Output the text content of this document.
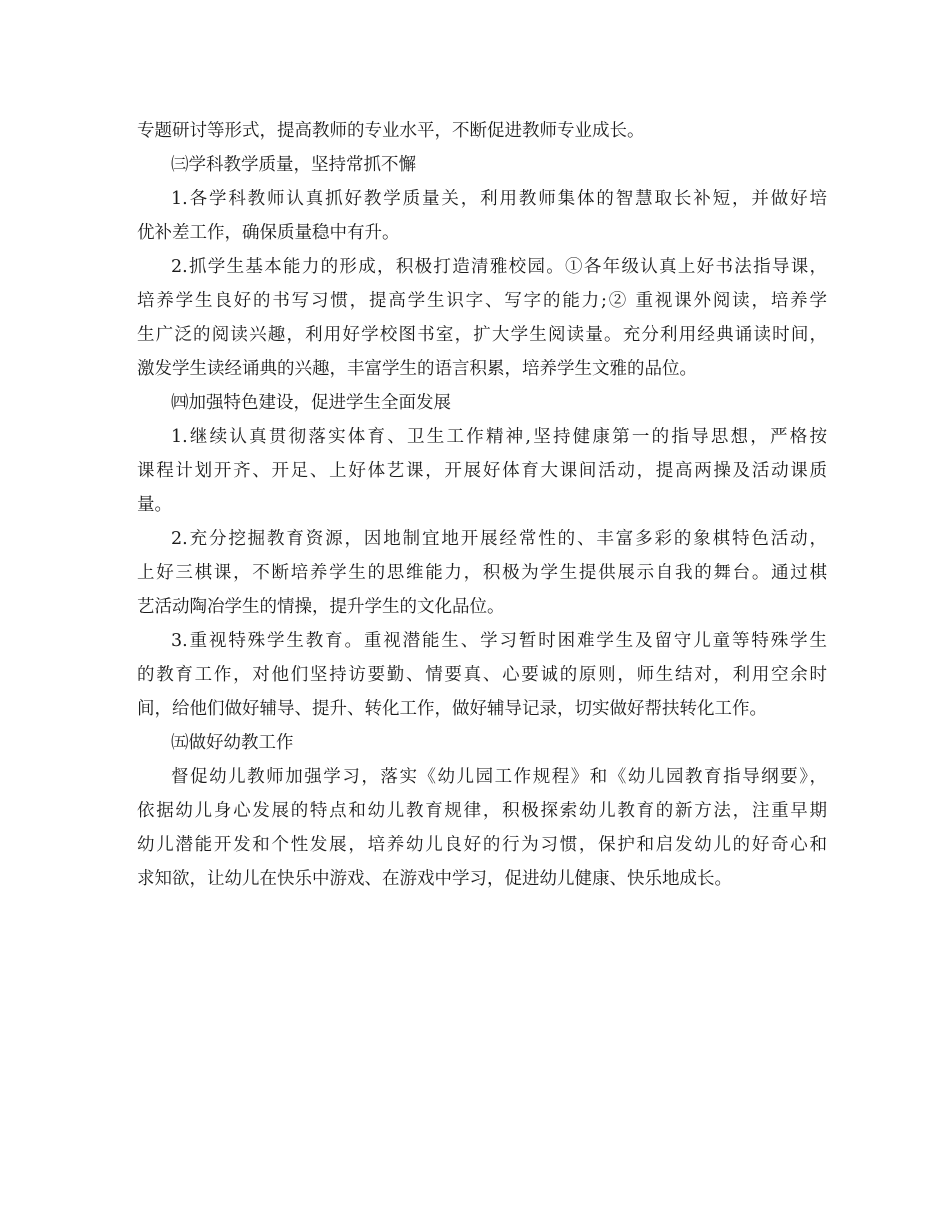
专题研讨等形式，提高教师的专业水平，不断促进教师专业成长。
㈢学科教学质量，坚持常抓不懈
1.各学科教师认真抓好教学质量关，利用教师集体的智慧取长补短，并做好培
优补差工作，确保质量稳中有升。
2.抓学生基本能力的形成，积极打造清雅校园。①各年级认真上好书法指导课，
培养学生良好的书写习惯，提高学生识字、写字的能力;② 重视课外阅读，培养学
生广泛的阅读兴趣，利用好学校图书室，扩大学生阅读量。充分利用经典诵读时间，
激发学生读经诵典的兴趣，丰富学生的语言积累，培养学生文雅的品位。
㈣加强特色建设，促进学生全面发展
1.继续认真贯彻落实体育、卫生工作精神,坚持健康第一的指导思想，严格按
课程计划开齐、开足、上好体艺课，开展好体育大课间活动，提高两操及活动课质
量。
2.充分挖掘教育资源，因地制宜地开展经常性的、丰富多彩的象棋特色活动，
上好三棋课，不断培养学生的思维能力，积极为学生提供展示自我的舞台。通过棋
艺活动陶冶学生的情操，提升学生的文化品位。
3.重视特殊学生教育。重视潜能生、学习暂时困难学生及留守儿童等特殊学生
的教育工作，对他们坚持访要勤、情要真、心要诚的原则，师生结对，利用空余时
间，给他们做好辅导、提升、转化工作，做好辅导记录，切实做好帮扶转化工作。
㈤做好幼教工作
督促幼儿教师加强学习，落实《幼儿园工作规程》和《幼儿园教育指导纲要》，
依据幼儿身心发展的特点和幼儿教育规律，积极探索幼儿教育的新方法，注重早期
幼儿潜能开发和个性发展，培养幼儿良好的行为习惯，保护和启发幼儿的好奇心和
求知欲，让幼儿在快乐中游戏、在游戏中学习，促进幼儿健康、快乐地成长。
